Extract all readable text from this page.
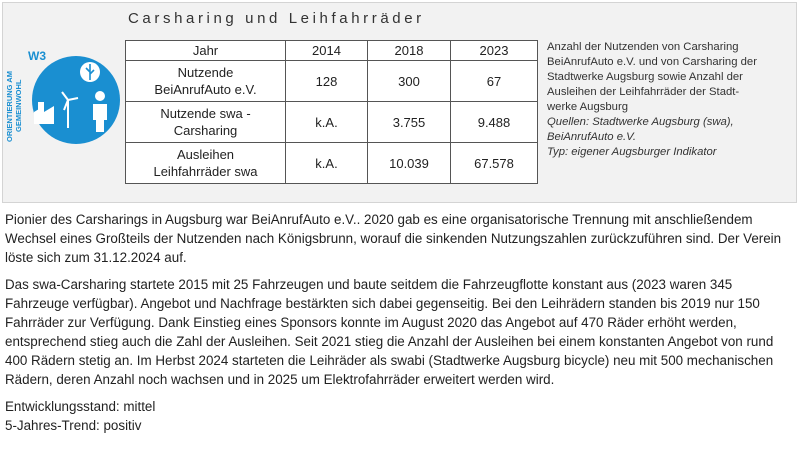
Carsharing und Leihfahrräder
W3
ORIENTIERUNG AM GEMEINWOHL
Jahr	2014	2018	2023
Nutzende
BeiAnrufAuto e.V.	128	300	67
Nutzende swa -
Carsharing	k.A.	3.755	9.488
Ausleihen
Leihfahrräder swa	k.A.	10.039	67.578
Anzahl der Nutzenden von Carsharing
BeiAnrufAuto e.V. und von Carsharing der
Stadtwerke Augsburg sowie Anzahl der
Ausleihen der Leihfahrräder der Stadt-
werke Augsburg
Quellen: Stadtwerke Augsburg (swa),
BeiAnrufAuto e.V.
Typ: eigener Augsburger Indikator

Pionier des Carsharings in Augsburg war BeiAnrufAuto e.V.. 2020 gab es eine organisatorische Trennung mit anschließendem Wechsel eines Großteils der Nutzenden nach Königsbrunn, worauf die sinkenden Nutzungszahlen zurückzuführen sind. Der Verein löste sich zum 31.12.2024 auf.

Das swa-Carsharing startete 2015 mit 25 Fahrzeugen und baute seitdem die Fahrzeugflotte konstant aus (2023 waren 345 Fahrzeuge verfügbar). Angebot und Nachfrage bestärkten sich dabei gegenseitig. Bei den Leihrädern standen bis 2019 nur 150 Fahrräder zur Verfügung. Dank Einstieg eines Sponsors konnte im August 2020 das Angebot auf 470 Räder erhöht werden, entsprechend stieg auch die Zahl der Ausleihen. Seit 2021 stieg die Anzahl der Ausleihen bei einem konstanten Angebot von rund 400 Rädern stetig an. Im Herbst 2024 starteten die Leihräder als swabi (Stadtwerke Augsburg bicycle) neu mit 500 mechanischen Rädern, deren Anzahl noch wachsen und in 2025 um Elektrofahrräder erweitert werden wird.

Entwicklungsstand: mittel
5-Jahres-Trend: positiv
